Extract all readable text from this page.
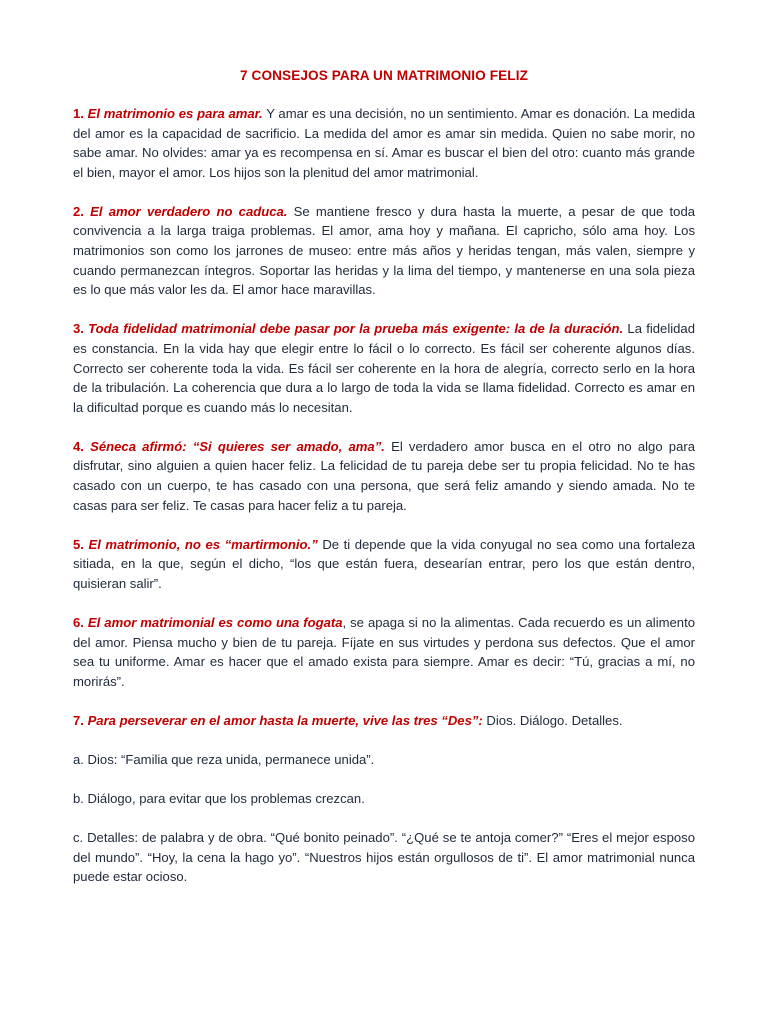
7 CONSEJOS PARA UN MATRIMONIO FELIZ

1. El matrimonio es para amar. Y amar es una decisión, no un sentimiento. Amar es donación. La medida del amor es la capacidad de sacrificio. La medida del amor es amar sin medida. Quien no sabe morir, no sabe amar. No olvides: amar ya es recompensa en sí. Amar es buscar el bien del otro: cuanto más grande el bien, mayor el amor. Los hijos son la plenitud del amor matrimonial.

2. El amor verdadero no caduca. Se mantiene fresco y dura hasta la muerte, a pesar de que toda convivencia a la larga traiga problemas. El amor, ama hoy y mañana. El capricho, sólo ama hoy. Los matrimonios son como los jarrones de museo: entre más años y heridas tengan, más valen, siempre y cuando permanezcan íntegros. Soportar las heridas y la lima del tiempo, y mantenerse en una sola pieza es lo que más valor les da. El amor hace maravillas.

3. Toda fidelidad matrimonial debe pasar por la prueba más exigente: la de la duración. La fidelidad es constancia. En la vida hay que elegir entre lo fácil o lo correcto. Es fácil ser coherente algunos días. Correcto ser coherente toda la vida. Es fácil ser coherente en la hora de alegría, correcto serlo en la hora de la tribulación. La coherencia que dura a lo largo de toda la vida se llama fidelidad. Correcto es amar en la dificultad porque es cuando más lo necesitan.

4. Séneca afirmó: “Si quieres ser amado, ama”. El verdadero amor busca en el otro no algo para disfrutar, sino alguien a quien hacer feliz. La felicidad de tu pareja debe ser tu propia felicidad. No te has casado con un cuerpo, te has casado con una persona, que será feliz amando y siendo amada. No te casas para ser feliz. Te casas para hacer feliz a tu pareja.

5. El matrimonio, no es “martirmonio.” De ti depende que la vida conyugal no sea como una fortaleza sitiada, en la que, según el dicho, “los que están fuera, desearían entrar, pero los que están dentro, quisieran salir”.

6. El amor matrimonial es como una fogata, se apaga si no la alimentas. Cada recuerdo es un alimento del amor. Piensa mucho y bien de tu pareja. Fíjate en sus virtudes y perdona sus defectos. Que el amor sea tu uniforme. Amar es hacer que el amado exista para siempre. Amar es decir: “Tú, gracias a mí, no morirás”.

7. Para perseverar en el amor hasta la muerte, vive las tres “Des”: Dios. Diálogo. Detalles.

a. Dios: “Familia que reza unida, permanece unida”.

b. Diálogo, para evitar que los problemas crezcan.

c. Detalles: de palabra y de obra. “Qué bonito peinado”. “¿Qué se te antoja comer?” “Eres el mejor esposo del mundo”. “Hoy, la cena la hago yo”. “Nuestros hijos están orgullosos de ti”. El amor matrimonial nunca puede estar ocioso.
